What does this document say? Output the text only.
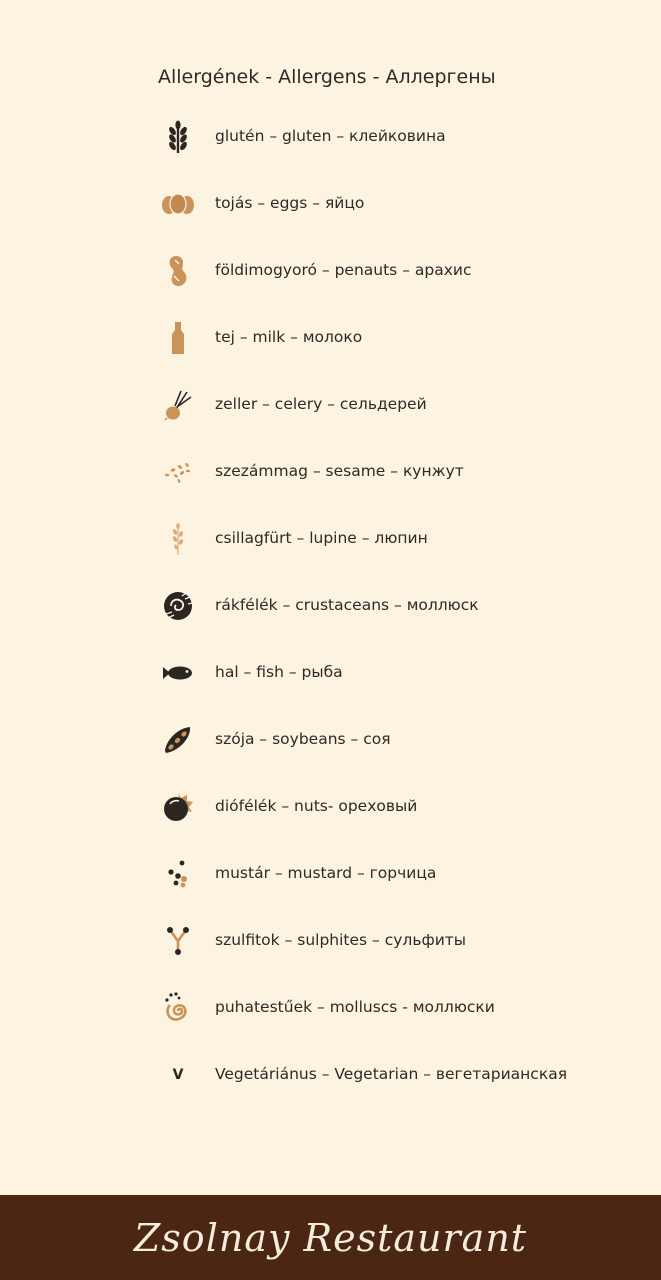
Allergének - Allergens - Аллергены
glutén – gluten – клейковина
tojás – eggs – яйцо
földimogyoró – penauts – арахис
tej – milk – молоко
zeller – celery – сельдерей
szezámmag – sesame – кунжут
csillagfürt – lupine – люпин
rákfélék – crustaceans – моллюск
hal – fish – рыба
szója – soybeans – соя
diófélék – nuts- ореховый
mustár – mustard – горчица
szulfitok – sulphites – сульфиты
puhatestűek – molluscs - моллюски
V Vegetáriánus – Vegetarian – вегетарианская
Zsolnay Restaurant
